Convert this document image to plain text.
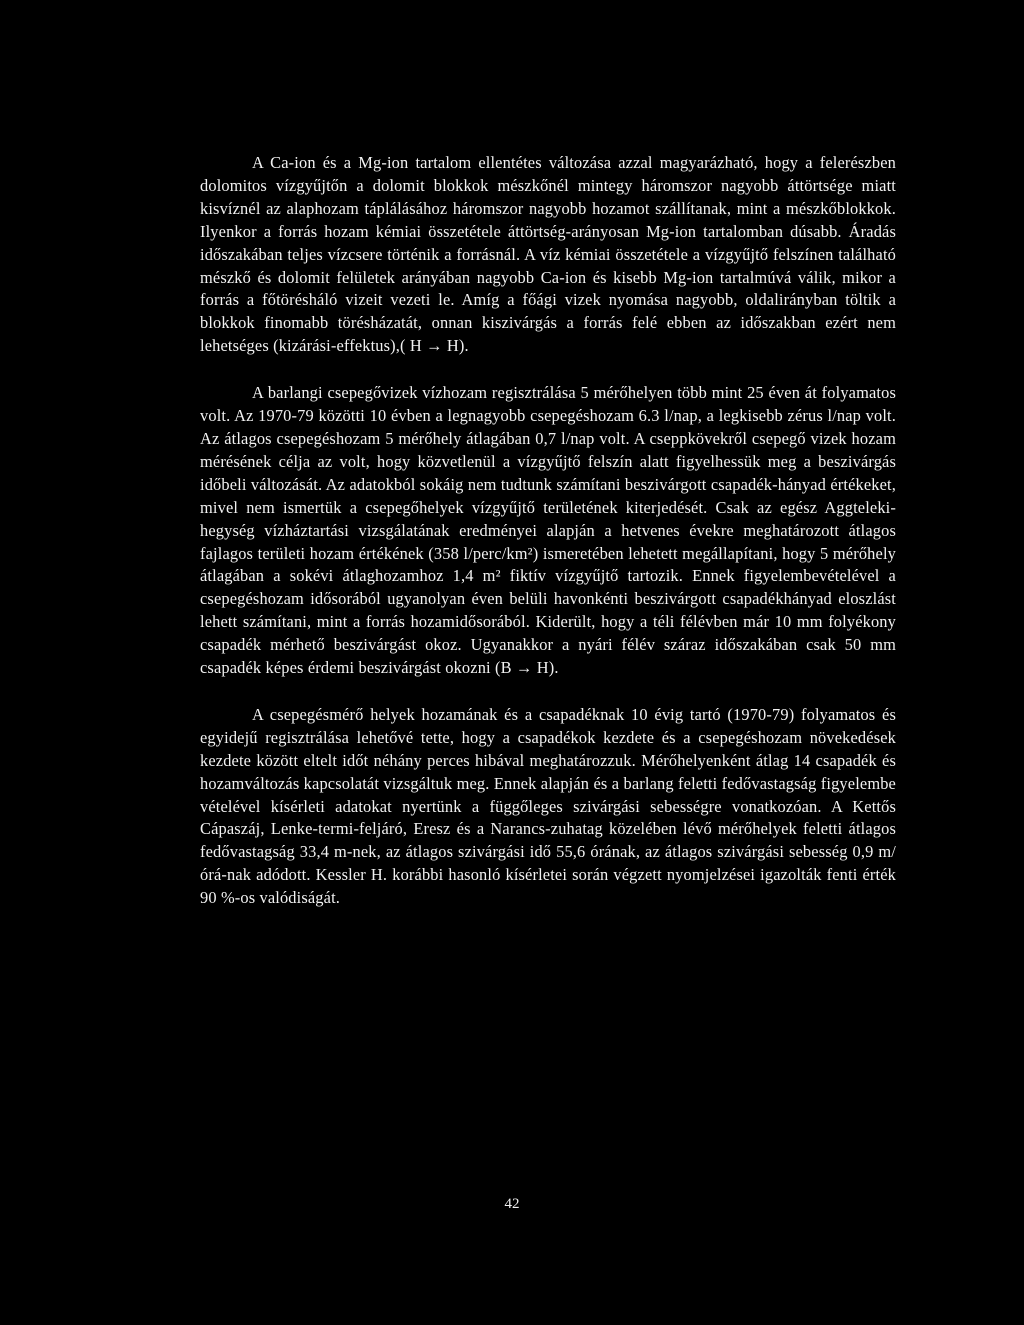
A Ca-ion és a Mg-ion tartalom ellentétes változása azzal magyarázható, hogy a felerészben dolomitos vízgyűjtőn a dolomit blokkok mészkőnél mintegy háromszor nagyobb áttörtsége miatt kisvíznél az alaphozam táplálásához háromszor nagyobb hozamot szállítanak, mint a mészkőblokkok. Ilyenkor a forrás hozam kémiai összetétele áttörtség-arányosan Mg-ion tartalomban dúsabb. Áradás időszakában teljes vízcsere történik a forrásnál. A víz kémiai összetétele a vízgyűjtő felszínen található mészkő és dolomit felületek arányában nagyobb Ca-ion és kisebb Mg-ion tartalmúvá válik, mikor a forrás a főtörésháló vizeit vezeti le. Amíg a főági vizek nyomása nagyobb, oldalirányban töltik a blokkok finomabb törésházatát, onnan kiszivárgás a forrás felé ebben az időszakban ezért nem lehetséges (kizárási-effektus),( H → H).

A barlangi csepegővizek vízhozam regisztrálása 5 mérőhelyen több mint 25 éven át folyamatos volt. Az 1970-79 közötti 10 évben a legnagyobb csepegéshozam 6.3 l/nap, a legkisebb zérus l/nap volt. Az átlagos csepegéshozam 5 mérőhely átlagában 0,7 l/nap volt. A cseppkövekről csepegő vizek hozam mérésének célja az volt, hogy közvetlenül a vízgyűjtő felszín alatt figyelhessük meg a beszivárgás időbeli változását. Az adatokból sokáig nem tudtunk számítani beszivárgott csapadék-hányad értékeket, mivel nem ismertük a csepegőhelyek vízgyűjtő területének kiterjedését. Csak az egész Aggteleki-hegység vízháztartási vizsgálatának eredményei alapján a hetvenes évekre meghatározott átlagos fajlagos területi hozam értékének (358 l/perc/km²) ismeretében lehetett megállapítani, hogy 5 mérőhely átlagában a sokévi átlaghozamhoz 1,4 m² fiktív vízgyűjtő tartozik. Ennek figyelembevételével a csepegéshozam idősorából ugyanolyan éven belüli havonkénti beszivárgott csapadékhányad eloszlást lehett számítani, mint a forrás hozamidősorából. Kiderült, hogy a téli félévben már 10 mm folyékony csapadék mérhető beszivárgást okoz. Ugyanakkor a nyári félév száraz időszakában csak 50 mm csapadék képes érdemi beszivárgást okozni (B → H).

A csepegésmérő helyek hozamának és a csapadéknak 10 évig tartó (1970-79) folyamatos és egyidejű regisztrálása lehetővé tette, hogy a csapadékok kezdete és a csepegéshozam növekedések kezdete között eltelt időt néhány perces hibával meghatározzuk. Mérőhelyenként átlag 14 csapadék és hozamváltozás kapcsolatát vizsgáltuk meg. Ennek alapján és a barlang feletti fedővastagság figyelembe vételével kísérleti adatokat nyertünk a függőleges szivárgási sebességre vonatkozóan. A Kettős Cápaszáj, Lenke-termi-feljáró, Eresz és a Narancs-zuhatag közelében lévő mérőhelyek feletti átlagos fedővastagság 33,4 m-nek, az átlagos szivárgási idő 55,6 órának, az átlagos szivárgási sebesség 0,9 m/órá-nak adódott. Kessler H. korábbi hasonló kísérletei során végzett nyomjelzései igazolták fenti érték 90 %-os valódiságát.

42
